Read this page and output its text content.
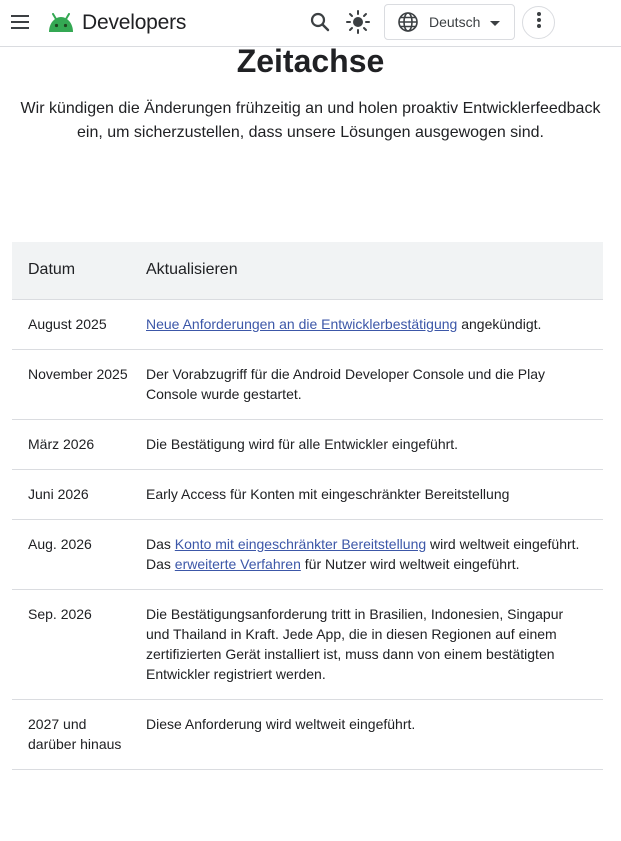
Developers	Deutsch
Zeitachse

Wir kündigen die Änderungen frühzeitig an und holen proaktiv Entwicklerfeedback ein, um sicherzustellen, dass unsere Lösungen ausgewogen sind.

Datum	Aktualisieren
August 2025	Neue Anforderungen an die Entwicklerbestätigung angekündigt.
November 2025	Der Vorabzugriff für die Android Developer Console und die Play Console wurde gestartet.
März 2026	Die Bestätigung wird für alle Entwickler eingeführt.
Juni 2026	Early Access für Konten mit eingeschränkter Bereitstellung
Aug. 2026	Das Konto mit eingeschränkter Bereitstellung wird weltweit eingeführt.
Das erweiterte Verfahren für Nutzer wird weltweit eingeführt.
Sep. 2026	Die Bestätigungsanforderung tritt in Brasilien, Indonesien, Singapur und Thailand in Kraft. Jede App, die in diesen Regionen auf einem zertifizierten Gerät installiert ist, muss dann von einem bestätigten Entwickler registriert werden.
2027 und darüber hinaus	Diese Anforderung wird weltweit eingeführt.
